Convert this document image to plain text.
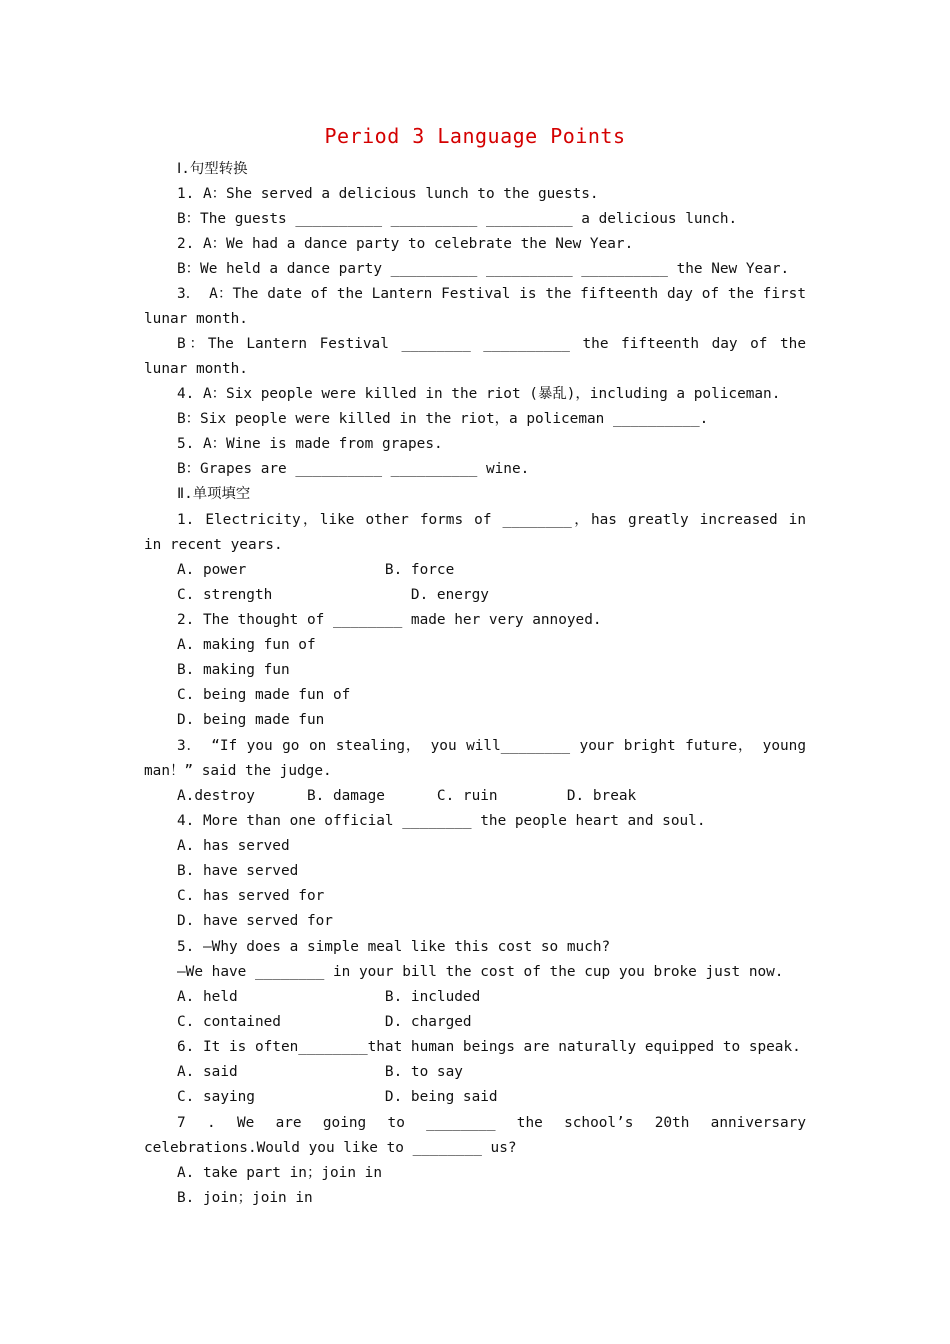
Period 3 Language Points
Ⅰ.句型转换
1. A：She served a delicious lunch to the guests.
B：The guests __________ __________ __________ a delicious lunch.
2. A：We had a dance party to celebrate the New Year.
B：We held a dance party __________ __________ __________ the New Year.
3． A：The date of the Lantern Festival is the fifteenth day of the first
lunar month.
B：The Lantern Festival ________ __________ the fifteenth day of the
lunar month.
4. A：Six people were killed in the riot (暴乱)，including a policeman.
B：Six people were killed in the riot，a policeman __________.
5. A：Wine is made from grapes.
B：Grapes are __________ __________ wine.
Ⅱ.单项填空
1. Electricity，like other forms of ________，has greatly increased in
in recent years.
A. power                B. force
C. strength                D. energy
2. The thought of ________ made her very annoyed.
A. making fun of
B. making fun
C. being made fun of
D. being made fun
3． “If you go on stealing， you will________ your bright future， young
man！” said the judge.
A.destroy      B. damage      C. ruin        D. break
4. More than one official ________ the people heart and soul.
A. has served
B. have served
C. has served for
D. have served for
5. —Why does a simple meal like this cost so much?
—We have ________ in your bill the cost of the cup you broke just now.
A. held                 B. included
C. contained            D. charged
6. It is often________that human beings are naturally equipped to speak.
A. said                 B. to say
C. saying               D. being said
7 . We are going to ________ the school’s 20th anniversary
celebrations.Would you like to ________ us?
A. take part in；join in
B. join；join in
